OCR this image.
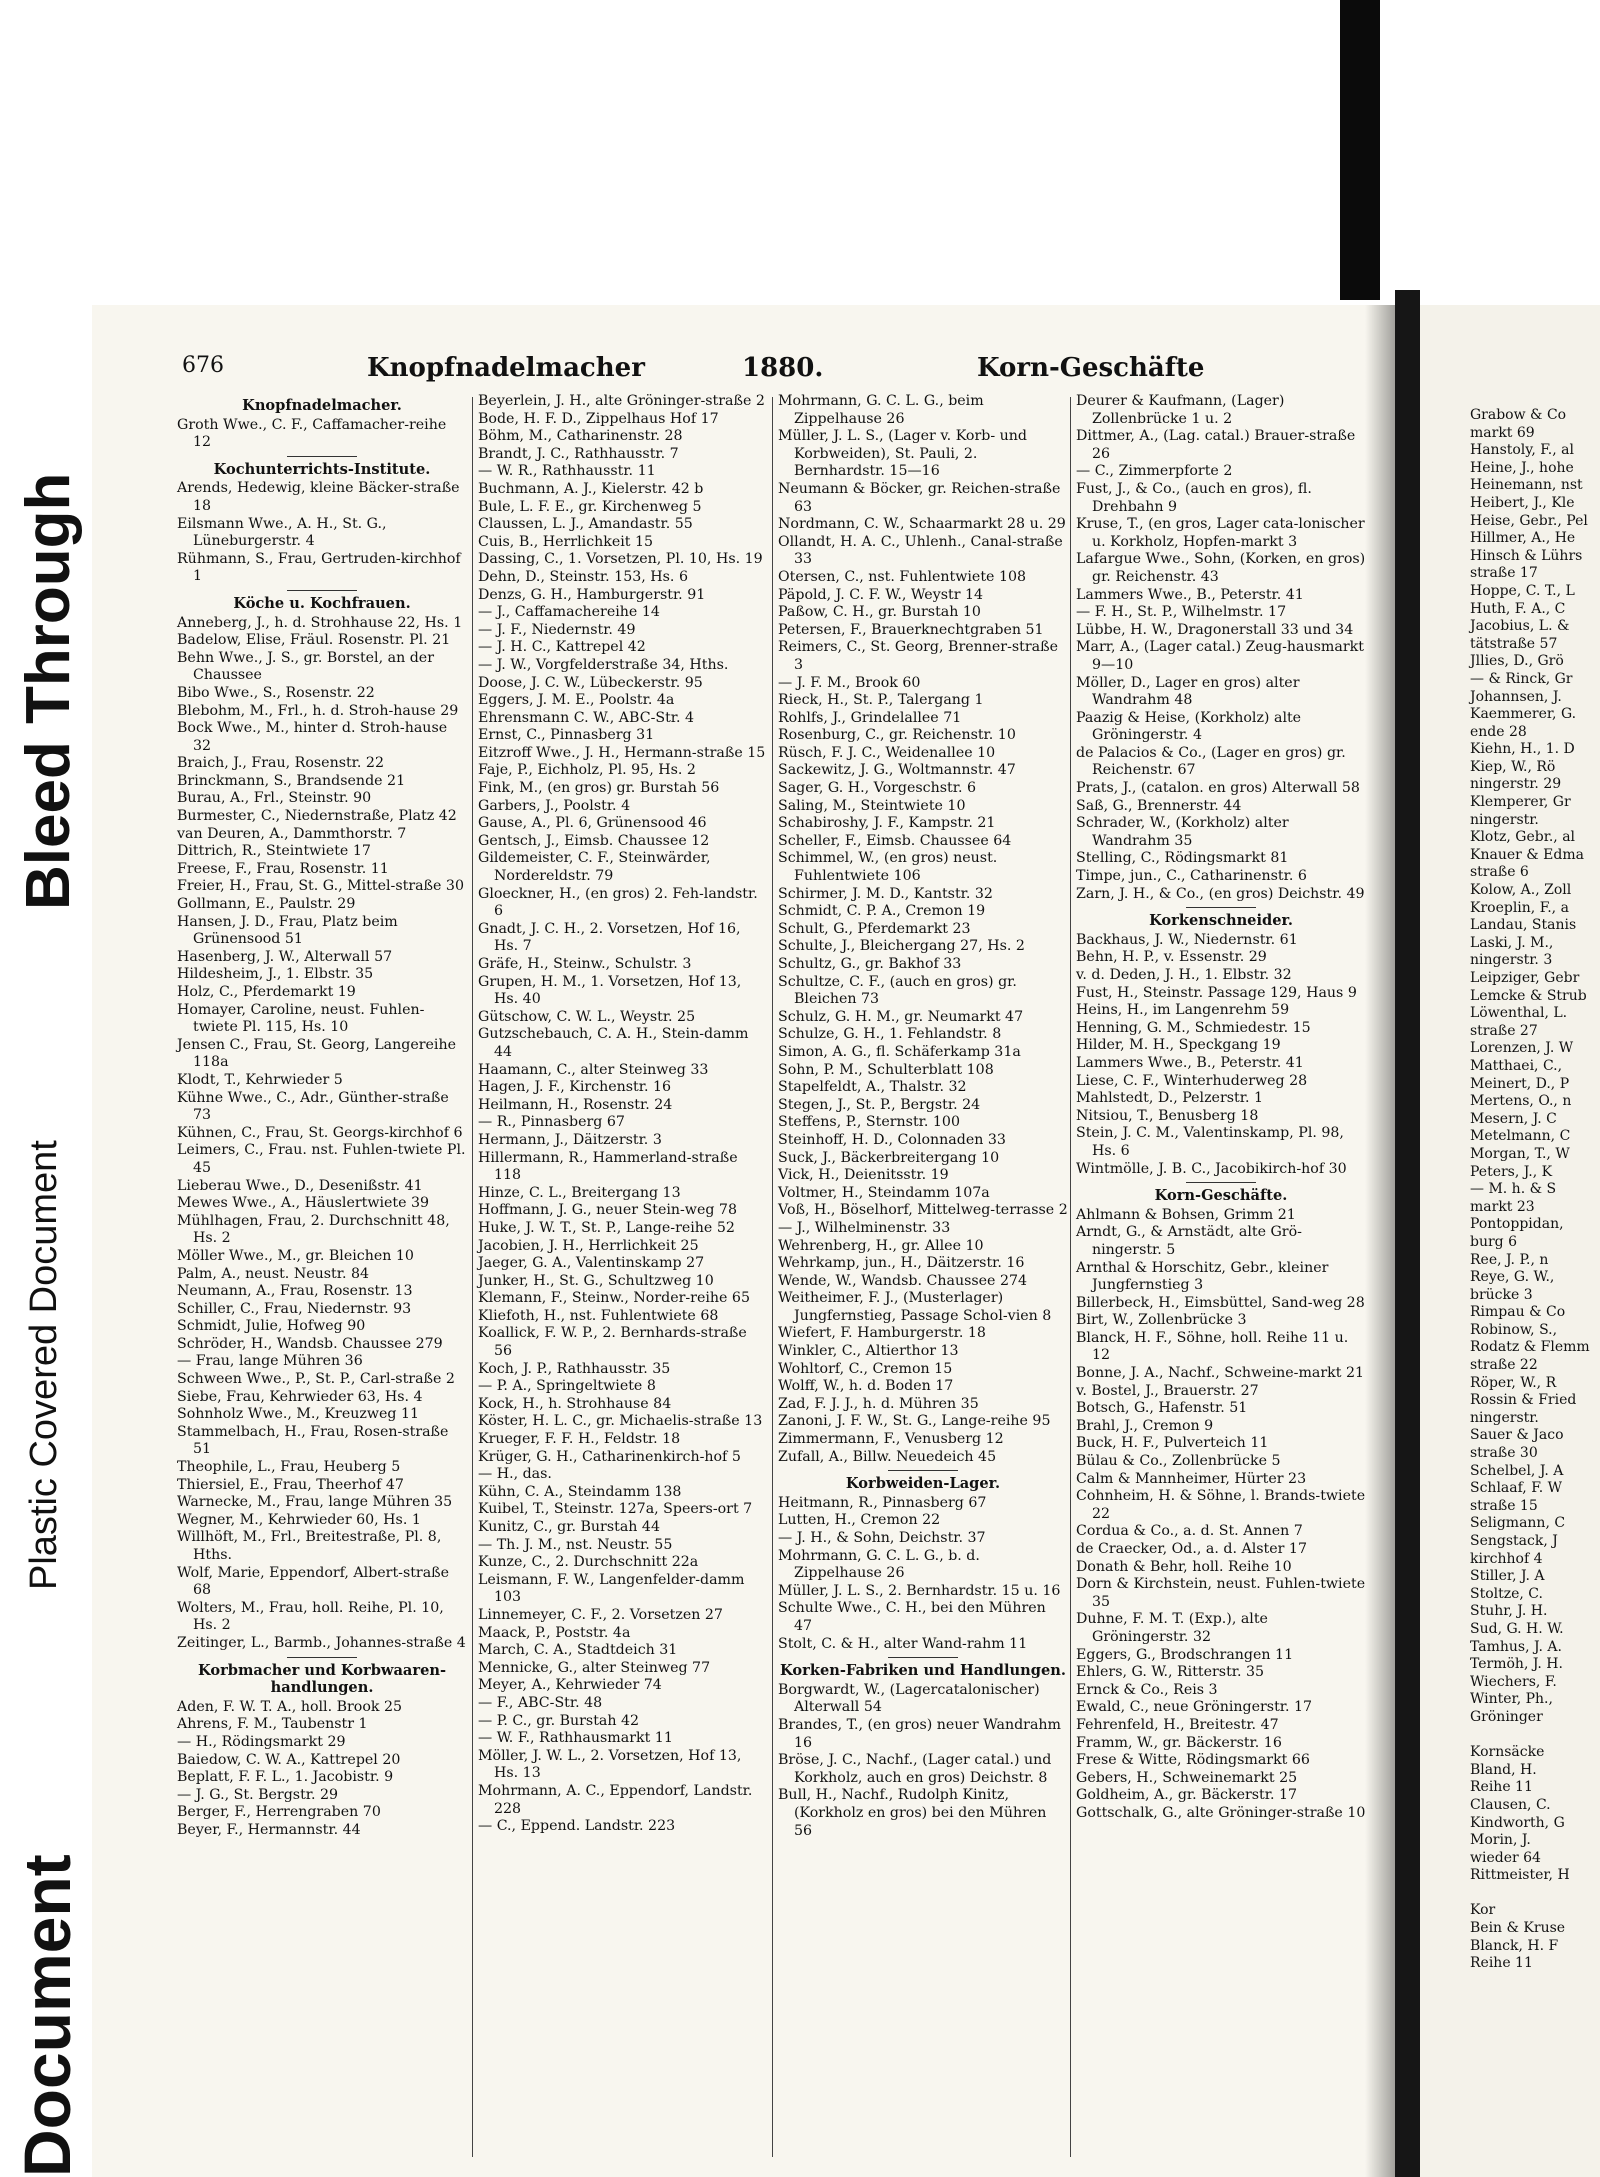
Bleed Through
Plastic Covered Document
Document
676	Knopfnadelmacher	1880.	Korn-Geschäfte
Knopfnadelmacher.
Groth Wwe., C. F., Caffamacher-reihe 12
Kochunterrichts-Institute.
Arends, Hedewig, kleine Bäcker-straße 18
Eilsmann Wwe., A. H., St. G., Lüneburgerstr. 4
Rühmann, S., Frau, Gertruden-kirchhof 1
Köche u. Kochfrauen.
Anneberg, J., h. d. Strohhause 22, Hs. 1
Badelow, Elise, Fräul. Rosenstr. Pl. 21
Behn Wwe., J. S., gr. Borstel, an der Chaussee
Bibo Wwe., S., Rosenstr. 22
Blebohm, M., Frl., h. d. Stroh-hause 29
Bock Wwe., M., hinter d. Stroh-hause 32
Braich, J., Frau, Rosenstr. 22
Brinckmann, S., Brandsende 21
Burau, A., Frl., Steinstr. 90
Burmester, C., Niedernstraße, Platz 42
van Deuren, A., Dammthorstr. 7
Dittrich, R., Steintwiete 17
Freese, F., Frau, Rosenstr. 11
Freier, H., Frau, St. G., Mittel-straße 30
Gollmann, E., Paulstr. 29
Hansen, J. D., Frau, Platz beim Grünensood 51
Hasenberg, J. W., Alterwall 57
Hildesheim, J., 1. Elbstr. 35
Holz, C., Pferdemarkt 19
Homayer, Caroline, neust. Fuhlen-twiete Pl. 115, Hs. 10
Jensen C., Frau, St. Georg, Langereihe 118a
Klodt, T., Kehrwieder 5
Kühne Wwe., C., Adr., Günther-straße 73
Kühnen, C., Frau, St. Georgs-kirchhof 6
Leimers, C., Frau. nst. Fuhlen-twiete Pl. 45
Lieberau Wwe., D., Desenißstr. 41
Mewes Wwe., A., Häuslertwiete 39
Mühlhagen, Frau, 2. Durchschnitt 48, Hs. 2
Möller Wwe., M., gr. Bleichen 10
Palm, A., neust. Neustr. 84
Neumann, A., Frau, Rosenstr. 13
Schiller, C., Frau, Niedernstr. 93
Schmidt, Julie, Hofweg 90
Schröder, H., Wandsb. Chaussee 279
— Frau, lange Mühren 36
Schween Wwe., P., St. P., Carl-straße 2
Siebe, Frau, Kehrwieder 63, Hs. 4
Sohnholz Wwe., M., Kreuzweg 11
Stammelbach, H., Frau, Rosen-straße 51
Theophile, L., Frau, Heuberg 5
Thiersiel, E., Frau, Theerhof 47
Warnecke, M., Frau, lange Mühren 35
Wegner, M., Kehrwieder 60, Hs. 1
Willhöft, M., Frl., Breitestraße, Pl. 8, Hths.
Wolf, Marie, Eppendorf, Albert-straße 68
Wolters, M., Frau, holl. Reihe, Pl. 10, Hs. 2
Zeitinger, L., Barmb., Johannes-straße 4
Korbmacher und Korbwaaren-handlungen.
Aden, F. W. T. A., holl. Brook 25
Ahrens, F. M., Taubenstr 1
— H., Rödingsmarkt 29
Baiedow, C. W. A., Kattrepel 20
Beplatt, F. F. L., 1. Jacobistr. 9
— J. G., St. Bergstr. 29
Berger, F., Herrengraben 70
Beyer, F., Hermannstr. 44
Beyerlein, J. H., alte Gröninger-straße 2
Bode, H. F. D., Zippelhaus Hof 17
Böhm, M., Catharinenstr. 28
Brandt, J. C., Rathhausstr. 7
— W. R., Rathhausstr. 11
Buchmann, A. J., Kielerstr. 42 b
Bule, L. F. E., gr. Kirchenweg 5
Claussen, L. J., Amandastr. 55
Cuis, B., Herrlichkeit 15
Dassing, C., 1. Vorsetzen, Pl. 10, Hs. 19
Dehn, D., Steinstr. 153, Hs. 6
Denzs, G. H., Hamburgerstr. 91
— J., Caffamachereihe 14
— J. F., Niedernstr. 49
— J. H. C., Kattrepel 42
— J. W., Vorgfelderstraße 34, Hths.
Doose, J. C. W., Lübeckerstr. 95
Eggers, J. M. E., Poolstr. 4a
Ehrensmann C. W., ABC-Str. 4
Ernst, C., Pinnasberg 31
Eitzroff Wwe., J. H., Hermann-straße 15
Faje, P., Eichholz, Pl. 95, Hs. 2
Fink, M., (en gros) gr. Burstah 56
Garbers, J., Poolstr. 4
Gause, A., Pl. 6, Grünensood 46
Gentsch, J., Eimsb. Chaussee 12
Gildemeister, C. F., Steinwärder, Nordereldstr. 79
Gloeckner, H., (en gros) 2. Feh-landstr. 6
Gnadt, J. C. H., 2. Vorsetzen, Hof 16, Hs. 7
Gräfe, H., Steinw., Schulstr. 3
Grupen, H. M., 1. Vorsetzen, Hof 13, Hs. 40
Gütschow, C. W. L., Weystr. 25
Gutzschebauch, C. A. H., Stein-damm 44
Haamann, C., alter Steinweg 33
Hagen, J. F., Kirchenstr. 16
Heilmann, H., Rosenstr. 24
— R., Pinnasberg 67
Hermann, J., Däitzerstr. 3
Hillermann, R., Hammerland-straße 118
Hinze, C. L., Breitergang 13
Hoffmann, J. G., neuer Stein-weg 78
Huke, J. W. T., St. P., Lange-reihe 52
Jacobien, J. H., Herrlichkeit 25
Jaeger, G. A., Valentinskamp 27
Junker, H., St. G., Schultzweg 10
Klemann, F., Steinw., Norder-reihe 65
Kliefoth, H., nst. Fuhlentwiete 68
Koallick, F. W. P., 2. Bernhards-straße 56
Koch, J. P., Rathhausstr. 35
— P. A., Springeltwiete 8
Kock, H., h. Strohhause 84
Köster, H. L. C., gr. Michaelis-straße 13
Krueger, F. F. H., Feldstr. 18
Krüger, G. H., Catharinenkirch-hof 5
— H., das.
Kühn, C. A., Steindamm 138
Kuibel, T., Steinstr. 127a, Speers-ort 7
Kunitz, C., gr. Burstah 44
— Th. J. M., nst. Neustr. 55
Kunze, C., 2. Durchschnitt 22a
Leismann, F. W., Langenfelder-damm 103
Linnemeyer, C. F., 2. Vorsetzen 27
Maack, P., Poststr. 4a
March, C. A., Stadtdeich 31
Mennicke, G., alter Steinweg 77
Meyer, A., Kehrwieder 74
— F., ABC-Str. 48
— P. C., gr. Burstah 42
— W. F., Rathhausmarkt 11
Möller, J. W. L., 2. Vorsetzen, Hof 13, Hs. 13
Mohrmann, A. C., Eppendorf, Landstr. 228
— C., Eppend. Landstr. 223
Mohrmann, G. C. L. G., beim Zippelhause 26
Müller, J. L. S., (Lager v. Korb- und Korbweiden), St. Pauli, 2. Bernhardstr. 15—16
Neumann & Böcker, gr. Reichen-straße 63
Nordmann, C. W., Schaarmarkt 28 u. 29
Ollandt, H. A. C., Uhlenh., Canal-straße 33
Otersen, C., nst. Fuhlentwiete 108
Päpold, J. C. F. W., Weystr 14
Paßow, C. H., gr. Burstah 10
Petersen, F., Brauerknechtgraben 51
Reimers, C., St. Georg, Brenner-straße 3
— J. F. M., Brook 60
Rieck, H., St. P., Talergang 1
Rohlfs, J., Grindelallee 71
Rosenburg, C., gr. Reichenstr. 10
Rüsch, F. J. C., Weidenallee 10
Sackewitz, J. G., Woltmannstr. 47
Sager, G. H., Vorgeschstr. 6
Saling, M., Steintwiete 10
Schabiroshy, J. F., Kampstr. 21
Scheller, F., Eimsb. Chaussee 64
Schimmel, W., (en gros) neust. Fuhlentwiete 106
Schirmer, J. M. D., Kantstr. 32
Schmidt, C. P. A., Cremon 19
Schult, G., Pferdemarkt 23
Schulte, J., Bleichergang 27, Hs. 2
Schultz, G., gr. Bakhof 33
Schultze, C. F., (auch en gros) gr. Bleichen 73
Schulz, G. H. M., gr. Neumarkt 47
Schulze, G. H., 1. Fehlandstr. 8
Simon, A. G., fl. Schäferkamp 31a
Sohn, P. M., Schulterblatt 108
Stapelfeldt, A., Thalstr. 32
Stegen, J., St. P., Bergstr. 24
Steffens, P., Sternstr. 100
Steinhoff, H. D., Colonnaden 33
Suck, J., Bäckerbreitergang 10
Vick, H., Deienitsstr. 19
Voltmer, H., Steindamm 107a
Voß, H., Böselhorf, Mittelweg-terrasse 2
— J., Wilhelminenstr. 33
Wehrenberg, H., gr. Allee 10
Wehrkamp, jun., H., Däitzerstr. 16
Wende, W., Wandsb. Chaussee 274
Weitheimer, F. J., (Musterlager) Jungfernstieg, Passage Schol-vien 8
Wiefert, F. Hamburgerstr. 18
Winkler, C., Altierthor 13
Wohltorf, C., Cremon 15
Wolff, W., h. d. Boden 17
Zad, F. J. J., h. d. Mühren 35
Zanoni, J. F. W., St. G., Lange-reihe 95
Zimmermann, F., Venusberg 12
Zufall, A., Billw. Neuedeich 45
Korbweiden-Lager.
Heitmann, R., Pinnasberg 67
Lutten, H., Cremon 22
— J. H., & Sohn, Deichstr. 37
Mohrmann, G. C. L. G., b. d. Zippelhause 26
Müller, J. L. S., 2. Bernhardstr. 15 u. 16
Schulte Wwe., C. H., bei den Mühren 47
Stolt, C. & H., alter Wand-rahm 11
Korken-Fabriken und Handlungen.
Borgwardt, W., (Lagercatalonischer) Alterwall 54
Brandes, T., (en gros) neuer Wandrahm 16
Bröse, J. C., Nachf., (Lager catal.) und Korkholz, auch en gros) Deichstr. 8
Bull, H., Nachf., Rudolph Kinitz, (Korkholz en gros) bei den Mühren 56
Deurer & Kaufmann, (Lager) Zollenbrücke 1 u. 2
Dittmer, A., (Lag. catal.) Brauer-straße 26
— C., Zimmerpforte 2
Fust, J., & Co., (auch en gros), fl. Drehbahn 9
Kruse, T., (en gros, Lager cata-lonischer u. Korkholz, Hopfen-markt 3
Lafargue Wwe., Sohn, (Korken, en gros) gr. Reichenstr. 43
Lammers Wwe., B., Peterstr. 41
— F. H., St. P., Wilhelmstr. 17
Lübbe, H. W., Dragonerstall 33 und 34
Marr, A., (Lager catal.) Zeug-hausmarkt 9—10
Möller, D., Lager en gros) alter Wandrahm 48
Paazig & Heise, (Korkholz) alte Gröningerstr. 4
de Palacios & Co., (Lager en gros) gr. Reichenstr. 67
Prats, J., (catalon. en gros) Alterwall 58
Saß, G., Brennerstr. 44
Schrader, W., (Korkholz) alter Wandrahm 35
Stelling, C., Rödingsmarkt 81
Timpe, jun., C., Catharinenstr. 6
Zarn, J. H., & Co., (en gros) Deichstr. 49
Korkenschneider.
Backhaus, J. W., Niedernstr. 61
Behn, H. P., v. Essenstr. 29
v. d. Deden, J. H., 1. Elbstr. 32
Fust, H., Steinstr. Passage 129, Haus 9
Heins, H., im Langenrehm 59
Henning, G. M., Schmiedestr. 15
Hilder, M. H., Speckgang 19
Lammers Wwe., B., Peterstr. 41
Liese, C. F., Winterhuderweg 28
Mahlstedt, D., Pelzerstr. 1
Nitsiou, T., Benusberg 18
Stein, J. C. M., Valentinskamp, Pl. 98, Hs. 6
Wintmölle, J. B. C., Jacobikirch-hof 30
Korn-Geschäfte.
Ahlmann & Bohsen, Grimm 21
Arndt, G., & Arnstädt, alte Grö-ningerstr. 5
Arnthal & Horschitz, Gebr., kleiner Jungfernstieg 3
Billerbeck, H., Eimsbüttel, Sand-weg 28
Birt, W., Zollenbrücke 3
Blanck, H. F., Söhne, holl. Reihe 11 u. 12
Bonne, J. A., Nachf., Schweine-markt 21
v. Bostel, J., Brauerstr. 27
Botsch, G., Hafenstr. 51
Brahl, J., Cremon 9
Buck, H. F., Pulverteich 11
Bülau & Co., Zollenbrücke 5
Calm & Mannheimer, Hürter 23
Cohnheim, H. & Söhne, l. Brands-twiete 22
Cordua & Co., a. d. St. Annen 7
de Craecker, Od., a. d. Alster 17
Donath & Behr, holl. Reihe 10
Dorn & Kirchstein, neust. Fuhlen-twiete 35
Duhne, F. M. T. (Exp.), alte Gröningerstr. 32
Eggers, G., Brodschrangen 11
Ehlers, G. W., Ritterstr. 35
Ernck & Co., Reis 3
Ewald, C., neue Gröningerstr. 17
Fehrenfeld, H., Breitestr. 47
Framm, W., gr. Bäckerstr. 16
Frese & Witte, Rödingsmarkt 66
Gebers, H., Schweinemarkt 25
Goldheim, A., gr. Bäckerstr. 17
Gottschalk, G., alte Gröninger-straße 10
Grabow & Co
markt 69
Hanstoly, F., al
Heine, J., hohe
Heinemann, nst
Heibert, J., Kle
Heise, Gebr., Pel
Hillmer, A., He
Hinsch & Lührs
straße 17
Hoppe, C. T., L
Huth, F. A., C
Jacobius, L. &
tätstraße 57
Jllies, D., Grö
— & Rinck, Gr
Johannsen, J.
Kaemmerer, G.
ende 28
Kiehn, H., 1. D
Kiep, W., Rö
ningerstr. 29
Klemperer, Gr
ningerstr.
Klotz, Gebr., al
Knauer & Edma
straße 6
Kolow, A., Zoll
Kroeplin, F., a
Landau, Stanis
Laski, J. M.,
ningerstr. 3
Leipziger, Gebr
Lemcke & Strub
Löwenthal, L.
straße 27
Lorenzen, J. W
Matthaei, C.,
Meinert, D., P
Mertens, O., n
Mesern, J. C
Metelmann, C
Morgan, T., W
Peters, J., K
— M. h. & S
markt 23
Pontoppidan,
burg 6
Ree, J. P., n
Reye, G. W.,
brücke 3
Rimpau & Co
Robinow, S.,
Rodatz & Flemm
straße 22
Röper, W., R
Rossin & Fried
ningerstr.
Sauer & Jaco
straße 30
Schelbel, J. A
Schlaaf, F. W
straße 15
Seligmann, C
Sengstack, J
kirchhof 4
Stiller, J. A
Stoltze, C.
Stuhr, J. H.
Sud, G. H. W.
Tamhus, J. A.
Termöh, J. H.
Wiechers, F.
Winter, Ph.,
Gröninger

Kornsäcke
Bland, H.
Reihe 11
Clausen, C.
Kindworth, G
Morin, J.
wieder 64
Rittmeister, H

Kor
Bein & Kruse
Blanck, H. F
Reihe 11
